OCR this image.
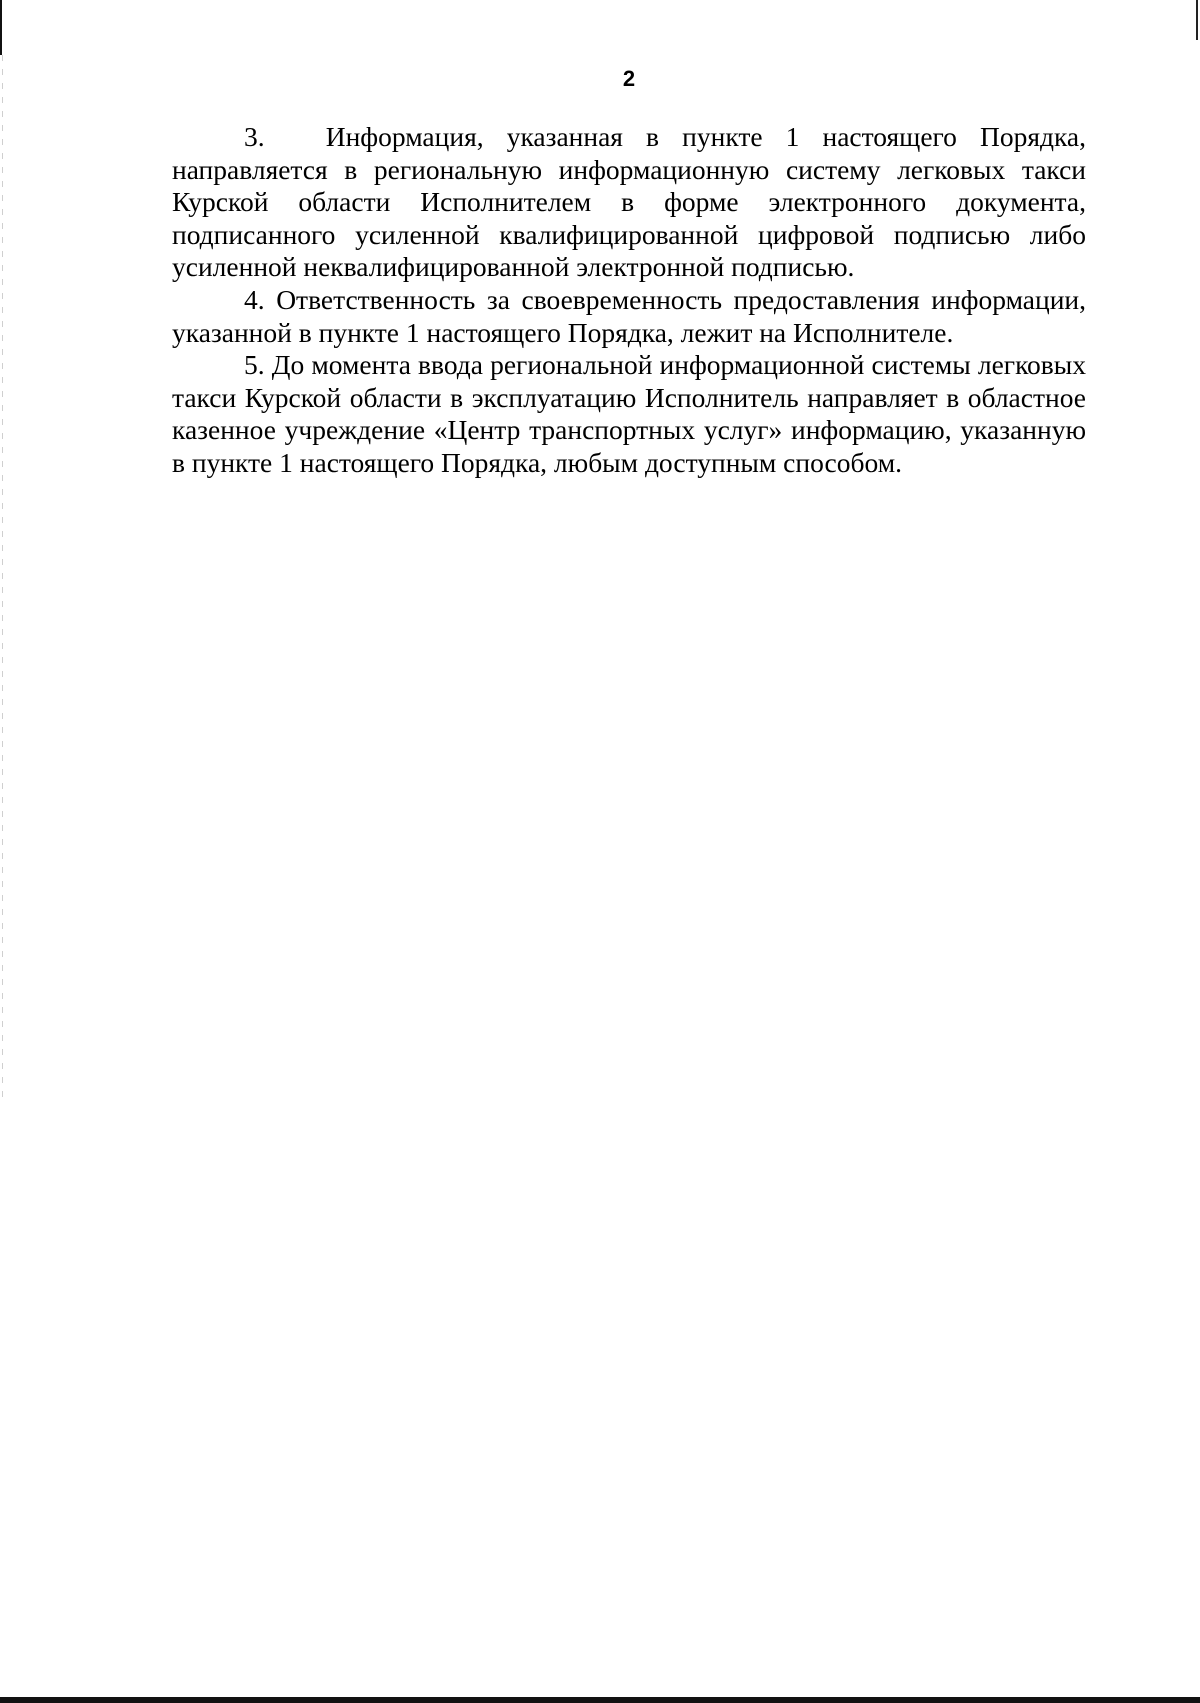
2

3. Информация, указанная в пункте 1 настоящего Порядка, направляется в региональную информационную систему легковых такси Курской области Исполнителем в форме электронного документа, подписанного усиленной квалифицированной цифровой подписью либо усиленной неквалифицированной электронной подписью.

4. Ответственность за своевременность предоставления информации, указанной в пункте 1 настоящего Порядка, лежит на Исполнителе.

5. До момента ввода региональной информационной системы легковых такси Курской области в эксплуатацию Исполнитель направляет в областное казенное учреждение «Центр транспортных услуг» информацию, указанную в пункте 1 настоящего Порядка, любым доступным способом.
